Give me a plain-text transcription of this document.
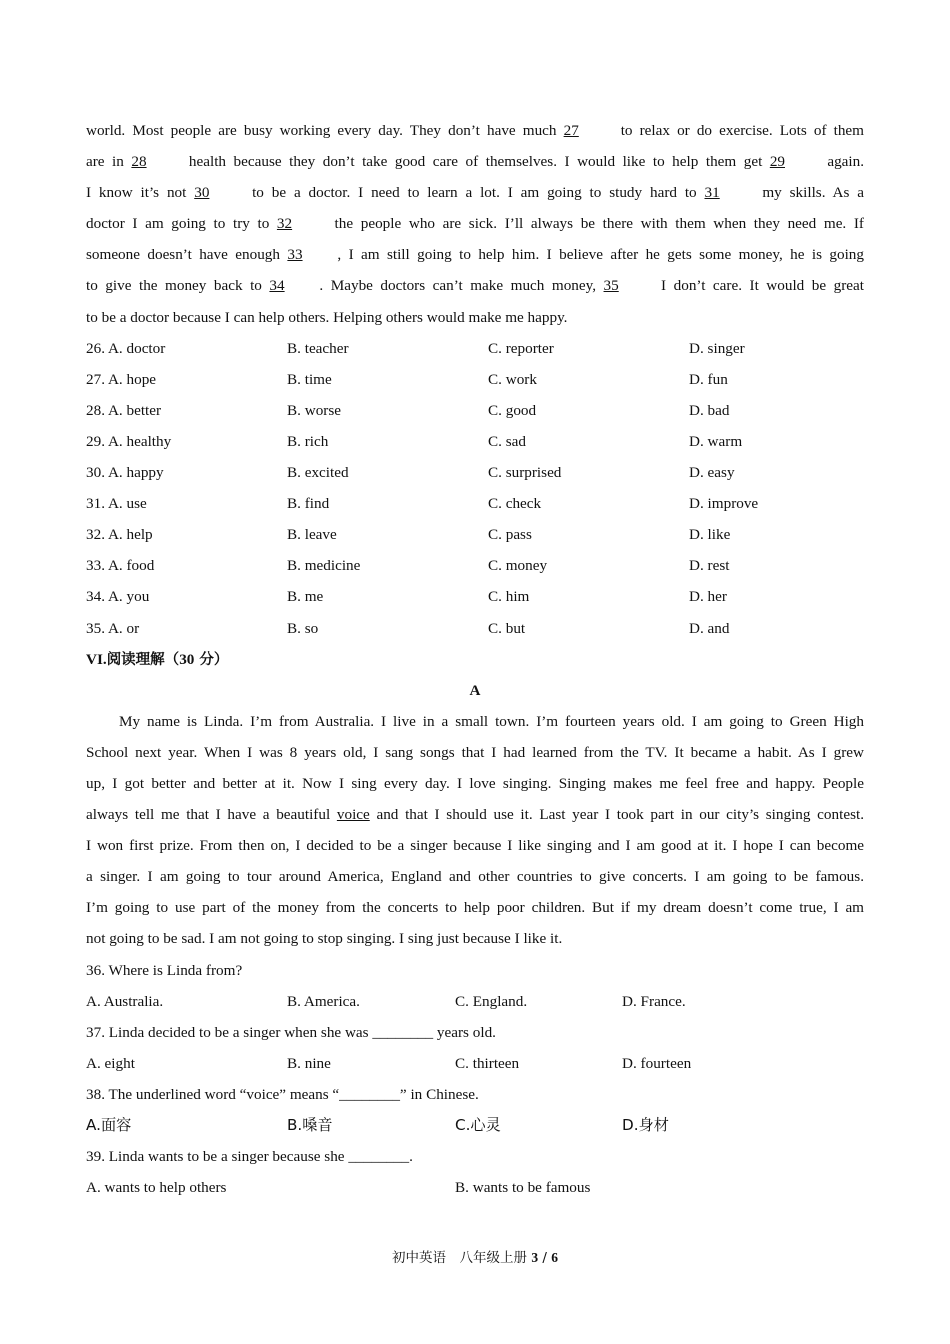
world. Most people are busy working every day. They don’t have much 27 to relax or do exercise. Lots of them
are in 28 health because they don’t take good care of themselves. I would like to help them get 29 again.
I know it’s not 30 to be a doctor. I need to learn a lot. I am going to study hard to 31 my skills. As a
doctor I am going to try to 32 the people who are sick. I’ll always be there with them when they need me. If
someone doesn’t have enough 33 , I am still going to help him. I believe after he gets some money, he is going
to give the money back to 34 . Maybe doctors can’t make much money, 35 I don’t care. It would be great
to be a doctor because I can help others. Helping others would make me happy.
26. A. doctor	B. teacher	C. reporter	D. singer
27. A. hope	B. time	C. work	D. fun
28. A. better	B. worse	C. good	D. bad
29. A. healthy	B. rich	C. sad	D. warm
30. A. happy	B. excited	C. surprised	D. easy
31. A. use	B. find	C. check	D. improve
32. A. help	B. leave	C. pass	D. like
33. A. food	B. medicine	C. money	D. rest
34. A. you	B. me	C. him	D. her
35. A. or	B. so	C. but	D. and
VI.阅读理解（30 分）
A
My name is Linda. I’m from Australia. I live in a small town. I’m fourteen years old. I am going to Green High
School next year. When I was 8 years old, I sang songs that I had learned from the TV. It became a habit. As I grew
up, I got better and better at it. Now I sing every day. I love singing. Singing makes me feel free and happy. People
always tell me that I have a beautiful voice and that I should use it. Last year I took part in our city’s singing contest.
I won first prize. From then on, I decided to be a singer because I like singing and I am good at it. I hope I can become
a singer. I am going to tour around America, England and other countries to give concerts. I am going to be famous.
I’m going to use part of the money from the concerts to help poor children. But if my dream doesn’t come true, I am
not going to be sad. I am not going to stop singing. I sing just because I like it.
36. Where is Linda from?
A. Australia.	B. America.	C. England.	D. France.
37. Linda decided to be a singer when she was ________ years old.
A. eight	B. nine	C. thirteen	D. fourteen
38. The underlined word “voice” means “________” in Chinese.
A.面容	B.嗓音	C.心灵	D.身材
39. Linda wants to be a singer because she ________.
A. wants to help others	B. wants to be famous
初中英语　八年级上册 3 / 6
